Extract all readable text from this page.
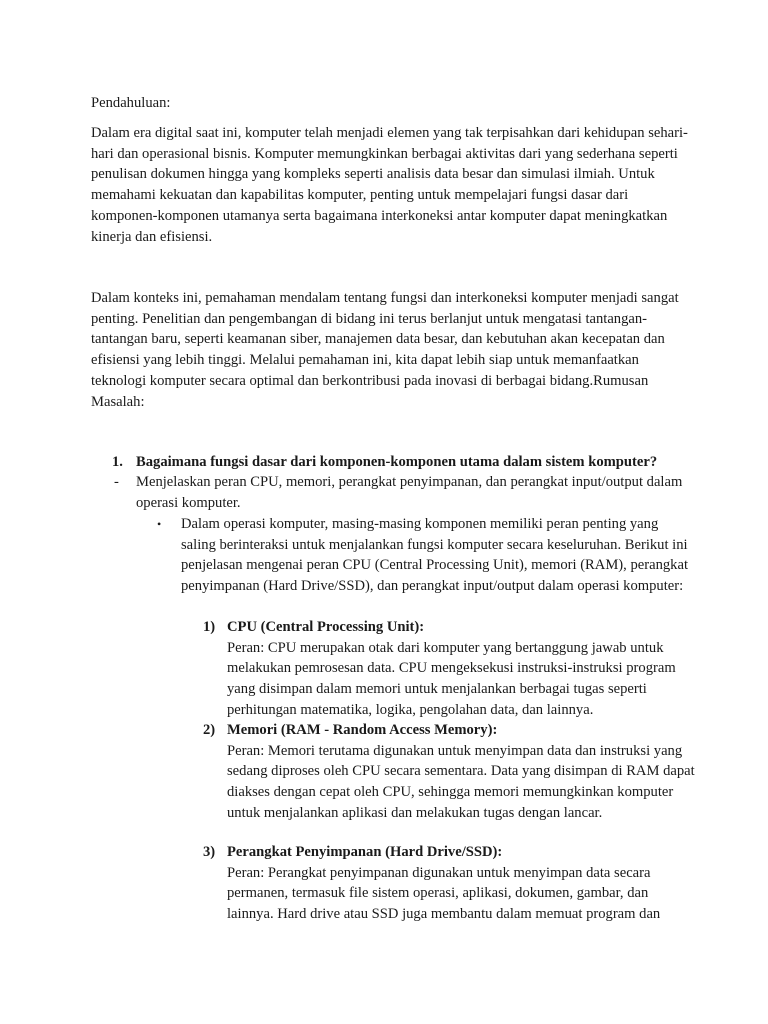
Pendahuluan:

Dalam era digital saat ini, komputer telah menjadi elemen yang tak terpisahkan dari kehidupan sehari-hari dan operasional bisnis. Komputer memungkinkan berbagai aktivitas dari yang sederhana seperti penulisan dokumen hingga yang kompleks seperti analisis data besar dan simulasi ilmiah. Untuk memahami kekuatan dan kapabilitas komputer, penting untuk mempelajari fungsi dasar dari komponen-komponen utamanya serta bagaimana interkoneksi antar komputer dapat meningkatkan kinerja dan efisiensi.

Dalam konteks ini, pemahaman mendalam tentang fungsi dan interkoneksi komputer menjadi sangat penting. Penelitian dan pengembangan di bidang ini terus berlanjut untuk mengatasi tantangan-tantangan baru, seperti keamanan siber, manajemen data besar, dan kebutuhan akan kecepatan dan efisiensi yang lebih tinggi. Melalui pemahaman ini, kita dapat lebih siap untuk memanfaatkan teknologi komputer secara optimal dan berkontribusi pada inovasi di berbagai bidang.Rumusan Masalah:

1. Bagaimana fungsi dasar dari komponen-komponen utama dalam sistem komputer?

- Menjelaskan peran CPU, memori, perangkat penyimpanan, dan perangkat input/output dalam operasi komputer.

• Dalam operasi komputer, masing-masing komponen memiliki peran penting yang saling berinteraksi untuk menjalankan fungsi komputer secara keseluruhan. Berikut ini penjelasan mengenai peran CPU (Central Processing Unit), memori (RAM), perangkat penyimpanan (Hard Drive/SSD), dan perangkat input/output dalam operasi komputer:

1) CPU (Central Processing Unit):
Peran: CPU merupakan otak dari komputer yang bertanggung jawab untuk melakukan pemrosesan data. CPU mengeksekusi instruksi-instruksi program yang disimpan dalam memori untuk menjalankan berbagai tugas seperti perhitungan matematika, logika, pengolahan data, dan lainnya.
2) Memori (RAM - Random Access Memory):
Peran: Memori terutama digunakan untuk menyimpan data dan instruksi yang sedang diproses oleh CPU secara sementara. Data yang disimpan di RAM dapat diakses dengan cepat oleh CPU, sehingga memori memungkinkan komputer untuk menjalankan aplikasi dan melakukan tugas dengan lancar.
3) Perangkat Penyimpanan (Hard Drive/SSD):
Peran: Perangkat penyimpanan digunakan untuk menyimpan data secara permanen, termasuk file sistem operasi, aplikasi, dokumen, gambar, dan lainnya. Hard drive atau SSD juga membantu dalam memuat program dan
